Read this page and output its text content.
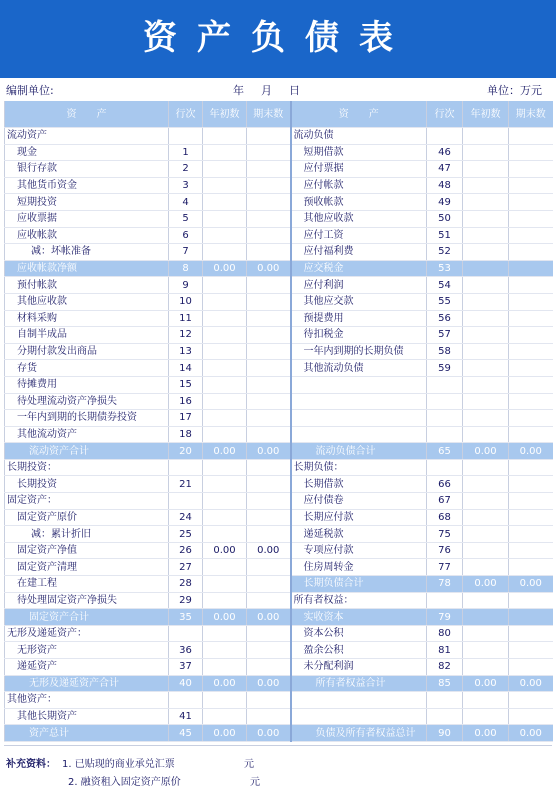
资产负债表
编制单位:	年 月 日	单位：万元
资　　产	行次	年初数	期末数	资　　产	行次	年初数	期末数
流动资产				流动负债			
现金	1			短期借款	46		
银行存款	2			应付票据	47		
其他货币资金	3			应付帐款	48		
短期投资	4			预收帐款	49		
应收票据	5			其他应收款	50		
应收帐款	6			应付工资	51		
减：坏帐准备	7			应付福利费	52		
应收帐款净额	8	0.00	0.00	应交税金	53		
预付帐款	9			应付利润	54		
其他应收款	10			其他应交款	55		
材料采购	11			预提费用	56		
自制半成品	12			待扣税金	57		
分期付款发出商品	13			一年内到期的长期负债	58		
存货	14			其他流动负债	59		
待摊费用	15						
待处理流动资产净损失	16						
一年内到期的长期债券投资	17						
其他流动资产	18						
流动资产合计	20	0.00	0.00	流动负债合计	65	0.00	0.00
长期投资：				长期负债：			
长期投资	21			长期借款	66		
固定资产：				应付债卷	67		
固定资产原价	24			长期应付款	68		
减：累计折旧	25			递延税款	75		
固定资产净值	26	0.00	0.00	专项应付款	76		
固定资产清理	27			住房周转金	77		
在建工程	28			长期负债合计	78	0.00	0.00
待处理固定资产净损失	29			所有者权益：			
固定资产合计	35	0.00	0.00	实收资本	79		
无形及递延资产：				资本公积	80		
无形资产	36			盈余公积	81		
递延资产	37			未分配利润	82		
无形及递延资产合计	40	0.00	0.00	所有者权益合计	85	0.00	0.00
其他资产：							
其他长期资产	41						
资产总计	45	0.00	0.00	负债及所有者权益总计	90	0.00	0.00
补充资料： 1. 已贴现的商业承兑汇票	元
2. 融资租入固定资产原价	元
